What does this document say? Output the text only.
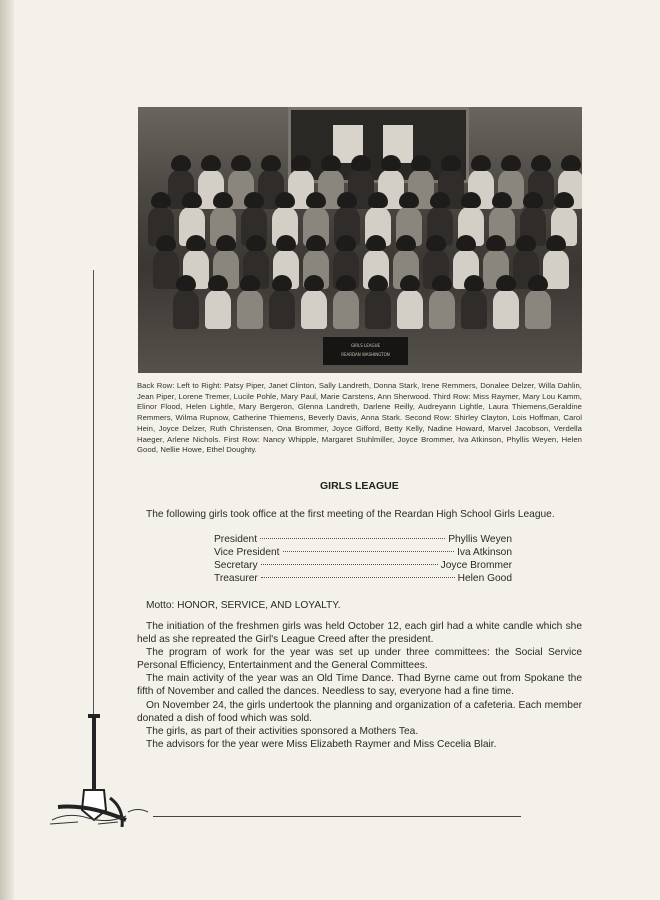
GIRLS LEAGUE
REARDAN WASHINGTON
Back Row: Left to Right: Patsy Piper, Janet Clinton, Sally Landreth, Donna Stark, Irene Remmers, Donalee Delzer, Willa Dahlin, Jean Piper, Lorene Tremer, Lucile Pohle, Mary Paul, Marie Carstens, Ann Sherwood. Third Row: Miss Raymer, Mary Lou Kamm, Elinor Flood, Helen Lightle, Mary Bergeron, Glenna Landreth, Darlene Reilly, Audreyann Lightle, Laura Thiemens,Geraldine Remmers, Wilma Rupnow, Catherine Thiemens, Beverly Davis, Anna Stark. Second Row: Shirley Clayton, Lois Hoffman, Carol Hein, Joyce Delzer, Ruth Christensen, Ona Brommer, Joyce Gifford, Betty Kelly, Nadine Howard, Marvel Jacobson, Verdella Haeger, Arlene Nichols. First Row: Nancy Whipple, Margaret Stuhlmiller, Joyce Brommer, Iva Atkinson, Phyllis Weyen, Helen Good, Nellie Howe, Ethel Doughty.
GIRLS LEAGUE
The following girls took office at the first meeting of the Reardan High School Girls League.
President	Phyllis Weyen
Vice President	Iva Atkinson
Secretary	Joyce Brommer
Treasurer	Helen Good
Motto: HONOR, SERVICE, AND LOYALTY.

The initiation of the freshmen girls was held October 12, each girl had a white candle which she held as she repreated the Girl's League Creed after the president.

The program of work for the year was set up under three committees: the Social Service Personal Efficiency, Entertainment and the General Committees.

The main activity of the year was an Old Time Dance. Thad Byrne came out from Spokane the fifth of November and called the dances. Needless to say, everyone had a fine time.

On November 24, the girls undertook the planning and organization of a cafeteria. Each member donated a dish of food which was sold.

The girls, as part of their activities sponsored a Mothers Tea.

The advisors for the year were Miss Elizabeth Raymer and Miss Cecelia Blair.
